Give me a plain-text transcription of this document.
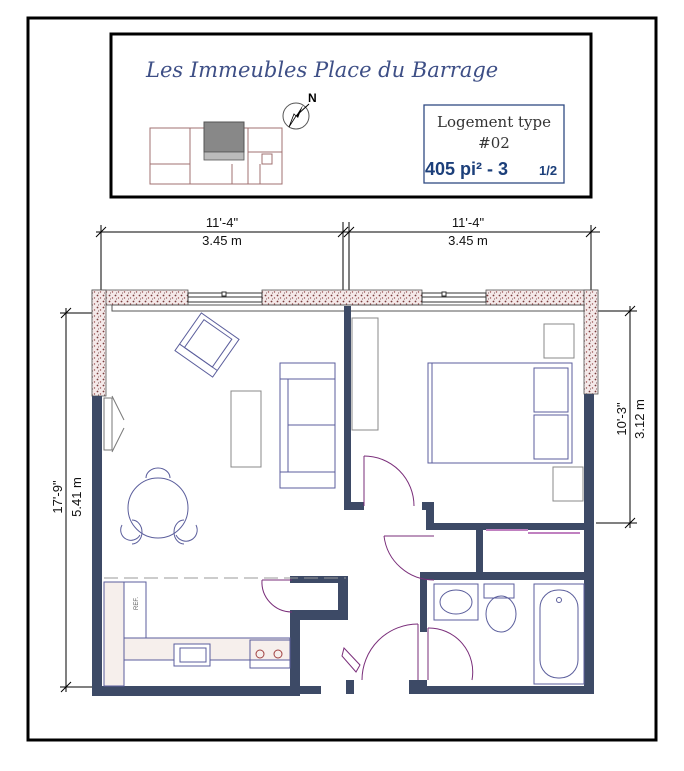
Les Immeubles Place du Barrage
N
Logement type
#02
405 pi² - 3 1/2
11'-4"
3.45 m
11'-4"
3.45 m
17'-9" 5.41 m
10'-3" 3.12 m
REF.
